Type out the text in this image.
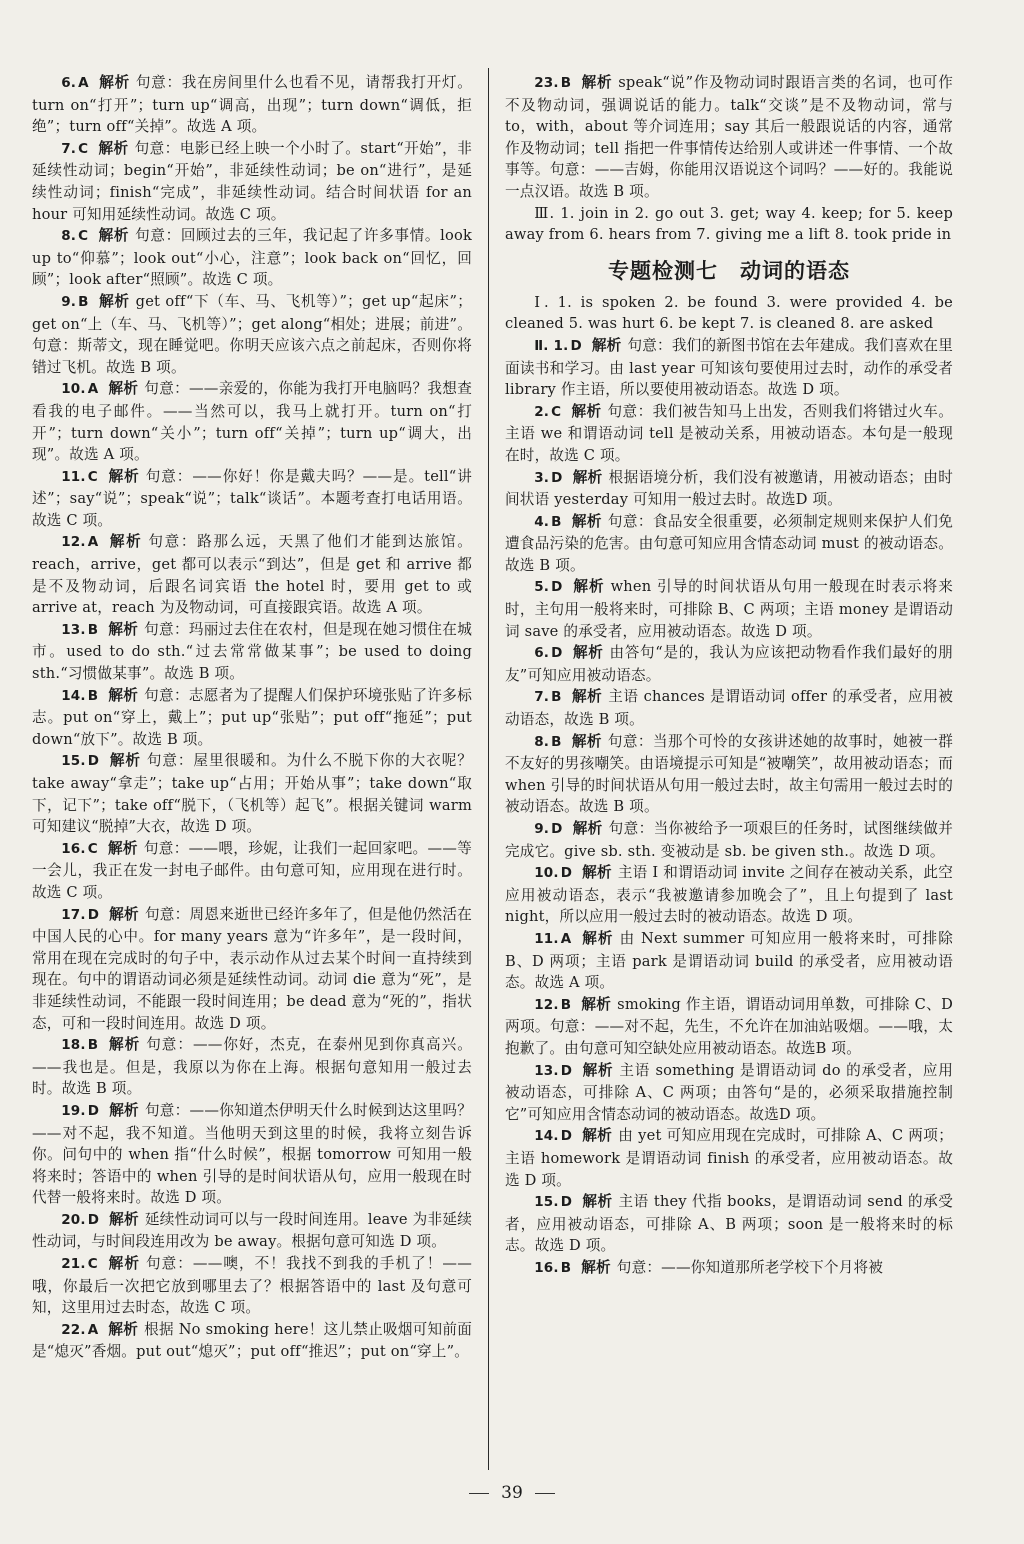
6. A 解析 句意：我在房间里什么也看不见，请帮我打开灯。turn on“打开”；turn up“调高，出现”；turn down“调低，拒绝”；turn off“关掉”。故选 A 项。

7. C 解析 句意：电影已经上映一个小时了。start“开始”，非延续性动词；begin“开始”，非延续性动词；be on“进行”，是延续性动词；finish“完成”，非延续性动词。结合时间状语 for an hour 可知用延续性动词。故选 C 项。

8. C 解析 句意：回顾过去的三年，我记起了许多事情。look up to“仰慕”；look out“小心，注意”；look back on“回忆，回顾”；look after“照顾”。故选 C 项。

9. B 解析 get off“下（车、马、飞机等）”；get up“起床”；get on“上（车、马、飞机等）”；get along“相处；进展；前进”。句意：斯蒂文，现在睡觉吧。你明天应该六点之前起床，否则你将错过飞机。故选 B 项。

10. A 解析 句意：——亲爱的，你能为我打开电脑吗？我想查看我的电子邮件。——当然可以，我马上就打开。turn on“打开”；turn down“关小”；turn off“关掉”；turn up“调大，出现”。故选 A 项。

11. C 解析 句意：——你好！你是戴夫吗？——是。tell“讲述”；say“说”；speak“说”；talk“谈话”。本题考查打电话用语。故选 C 项。

12. A 解析 句意：路那么远，天黑了他们才能到达旅馆。reach，arrive，get 都可以表示“到达”，但是 get 和 arrive 都是不及物动词，后跟名词宾语 the hotel 时，要用 get to 或 arrive at，reach 为及物动词，可直接跟宾语。故选 A 项。

13. B 解析 句意：玛丽过去住在农村，但是现在她习惯住在城市。used to do sth.“过去常常做某事”；be used to doing sth.“习惯做某事”。故选 B 项。

14. B 解析 句意：志愿者为了提醒人们保护环境张贴了许多标志。put on“穿上，戴上”；put up“张贴”；put off“拖延”；put down“放下”。故选 B 项。

15. D 解析 句意：屋里很暖和。为什么不脱下你的大衣呢？take away“拿走”；take up“占用；开始从事”；take down“取下，记下”；take off“脱下，（飞机等）起飞”。根据关键词 warm 可知建议“脱掉”大衣，故选 D 项。

16. C 解析 句意：——喂，珍妮，让我们一起回家吧。——等一会儿，我正在发一封电子邮件。由句意可知，应用现在进行时。故选 C 项。

17. D 解析 句意：周恩来逝世已经许多年了，但是他仍然活在中国人民的心中。for many years 意为“许多年”，是一段时间，常用在现在完成时的句子中，表示动作从过去某个时间一直持续到现在。句中的谓语动词必须是延续性动词。动词 die 意为“死”，是非延续性动词，不能跟一段时间连用；be dead 意为“死的”，指状态，可和一段时间连用。故选 D 项。

18. B 解析 句意：——你好，杰克，在泰州见到你真高兴。——我也是。但是，我原以为你在上海。根据句意知用一般过去时。故选 B 项。

19. D 解析 句意：——你知道杰伊明天什么时候到达这里吗？——对不起，我不知道。当他明天到这里的时候，我将立刻告诉你。问句中的 when 指“什么时候”，根据 tomorrow 可知用一般将来时；答语中的 when 引导的是时间状语从句，应用一般现在时代替一般将来时。故选 D 项。

20. D 解析 延续性动词可以与一段时间连用。leave 为非延续性动词，与时间段连用改为 be away。根据句意可知选 D 项。

21. C 解析 句意：——噢，不！我找不到我的手机了！——哦，你最后一次把它放到哪里去了？根据答语中的 last 及句意可知，这里用过去时态，故选 C 项。

22. A 解析 根据 No smoking here！这儿禁止吸烟可知前面是“熄灭”香烟。put out“熄灭”；put off“推迟”；put on“穿上”。

23. B 解析 speak“说”作及物动词时跟语言类的名词，也可作不及物动词，强调说话的能力。talk“交谈”是不及物动词，常与 to，with，about 等介词连用；say 其后一般跟说话的内容，通常作及物动词；tell 指把一件事情传达给别人或讲述一件事情、一个故事等。句意：——吉姆，你能用汉语说这个词吗？——好的。我能说一点汉语。故选 B 项。

Ⅲ. 1. join in 2. go out 3. get; way 4. keep; for 5. keep away from 6. hears from 7. giving me a lift 8. took pride in

专题检测七　动词的语态

Ⅰ. 1. is spoken 2. be found 3. were provided 4. be cleaned 5. was hurt 6. be kept 7. is cleaned 8. are asked

Ⅱ. 1. D 解析 句意：我们的新图书馆在去年建成。我们喜欢在里面读书和学习。由 last year 可知该句要使用过去时，动作的承受者 library 作主语，所以要使用被动语态。故选 D 项。

2. C 解析 句意：我们被告知马上出发，否则我们将错过火车。主语 we 和谓语动词 tell 是被动关系，用被动语态。本句是一般现在时，故选 C 项。

3. D 解析 根据语境分析，我们没有被邀请，用被动语态；由时间状语 yesterday 可知用一般过去时。故选D 项。

4. B 解析 句意：食品安全很重要，必须制定规则来保护人们免遭食品污染的危害。由句意可知应用含情态动词 must 的被动语态。故选 B 项。

5. D 解析 when 引导的时间状语从句用一般现在时表示将来时，主句用一般将来时，可排除 B、C 两项；主语 money 是谓语动词 save 的承受者，应用被动语态。故选 D 项。

6. D 解析 由答句“是的，我认为应该把动物看作我们最好的朋友”可知应用被动语态。

7. B 解析 主语 chances 是谓语动词 offer 的承受者，应用被动语态，故选 B 项。

8. B 解析 句意：当那个可怜的女孩讲述她的故事时，她被一群不友好的男孩嘲笑。由语境提示可知是“被嘲笑”，故用被动语态；而 when 引导的时间状语从句用一般过去时，故主句需用一般过去时的被动语态。故选 B 项。

9. D 解析 句意：当你被给予一项艰巨的任务时，试图继续做并完成它。give sb. sth. 变被动是 sb. be given sth.。故选 D 项。

10. D 解析 主语 I 和谓语动词 invite 之间存在被动关系，此空应用被动语态，表示“我被邀请参加晚会了”，且上句提到了 last night，所以应用一般过去时的被动语态。故选 D 项。

11. A 解析 由 Next summer 可知应用一般将来时，可排除 B、D 两项；主语 park 是谓语动词 build 的承受者，应用被动语态。故选 A 项。

12. B 解析 smoking 作主语，谓语动词用单数，可排除 C、D 两项。句意：——对不起，先生，不允许在加油站吸烟。——哦，太抱歉了。由句意可知空缺处应用被动语态。故选B 项。

13. D 解析 主语 something 是谓语动词 do 的承受者，应用被动语态，可排除 A、C 两项；由答句“是的，必须采取措施控制它”可知应用含情态动词的被动语态。故选D 项。

14. D 解析 由 yet 可知应用现在完成时，可排除 A、C 两项；主语 homework 是谓语动词 finish 的承受者，应用被动语态。故选 D 项。

15. D 解析 主语 they 代指 books，是谓语动词 send 的承受者，应用被动语态，可排除 A、B 两项；soon 是一般将来时的标志。故选 D 项。

16. B 解析 句意：——你知道那所老学校下个月将被

39
